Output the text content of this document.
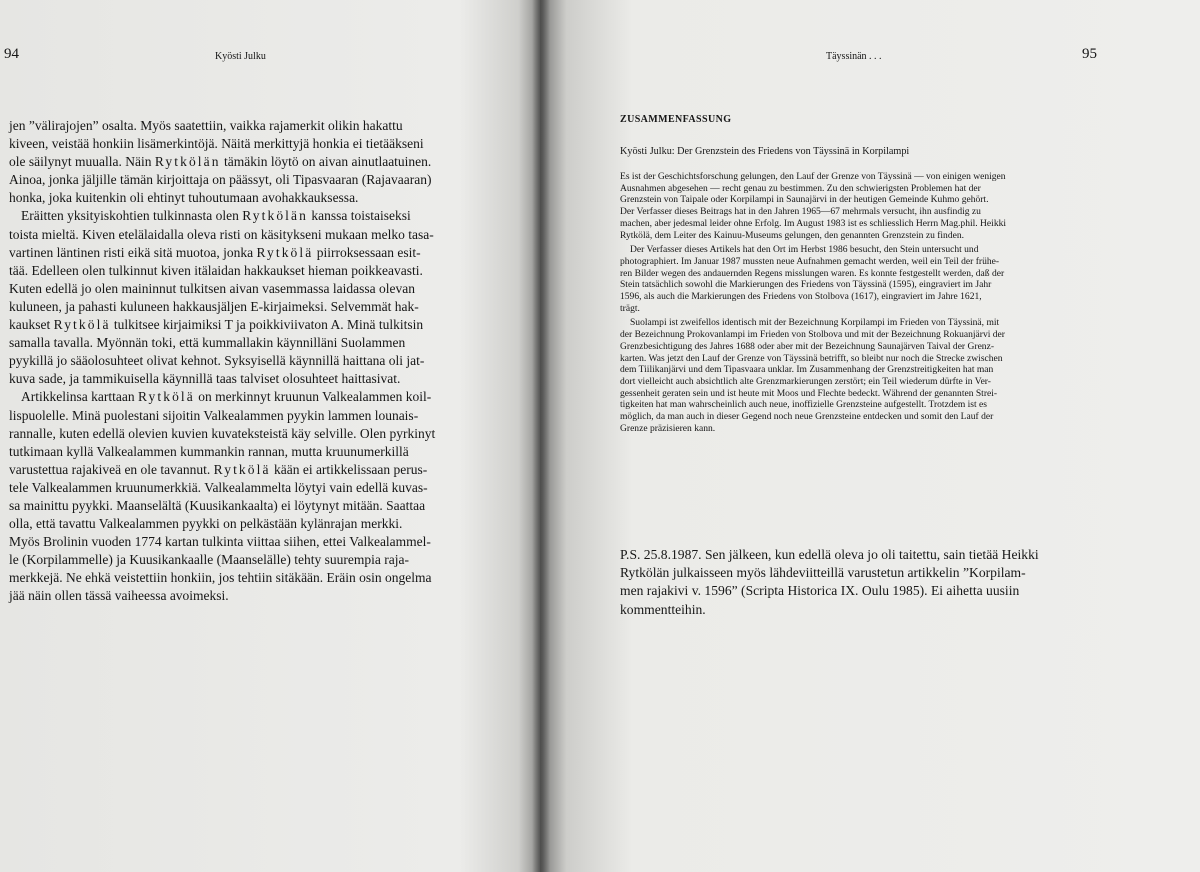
94	Kyösti Julku

jen ”välirajojen” osalta. Myös saatettiin, vaikka rajamerkit olikin hakattu
kiveen, veistää honkiin lisämerkintöjä. Näitä merkittyjä honkia ei tietääkseni
ole säilynyt muualla. Näin Rytkölän tämäkin löytö on aivan ainutlaatuinen.
Ainoa, jonka jäljille tämän kirjoittaja on päässyt, oli Tipasvaaran (Rajavaaran)
honka, joka kuitenkin oli ehtinyt tuhoutumaan avohakkauksessa.

Eräitten yksityiskohtien tulkinnasta olen Rytkölän kanssa toistaiseksi
toista mieltä. Kiven etelälaidalla oleva risti on käsitykseni mukaan melko tasa-
vartinen läntinen risti eikä sitä muotoa, jonka Rytkölä piirroksessaan esit-
tää. Edelleen olen tulkinnut kiven itälaidan hakkaukset hieman poikkeavasti.
Kuten edellä jo olen maininnut tulkitsen aivan vasemmassa laidassa olevan
kuluneen, ja pahasti kuluneen hakkausjäljen E-kirjaimeksi. Selvemmät hak-
kaukset Rytkölä tulkitsee kirjaimiksi T ja poikkiviivaton A. Minä tulkitsin
samalla tavalla. Myönnän toki, että kummallakin käynnilläni Suolammen
pyykillä jo sääolosuhteet olivat kehnot. Syksyisellä käynnillä haittana oli jat-
kuva sade, ja tammikuisella käynnillä taas talviset olosuhteet haittasivat.

Artikkelinsa karttaan Rytkölä on merkinnyt kruunun Valkealammen koil-
lispuolelle. Minä puolestani sijoitin Valkealammen pyykin lammen lounais-
rannalle, kuten edellä olevien kuvien kuvateksteistä käy selville. Olen pyrkinyt
tutkimaan kyllä Valkealammen kummankin rannan, mutta kruunumerkillä
varustettua rajakiveä en ole tavannut. Rytkölä kään ei artikkelissaan perus-
tele Valkealammen kruunumerkkiä. Valkealammelta löytyi vain edellä kuvas-
sa mainittu pyykki. Maanselältä (Kuusikankaalta) ei löytynyt mitään. Saattaa
olla, että tavattu Valkealammen pyykki on pelkästään kylänrajan merkki.
Myös Brolinin vuoden 1774 kartan tulkinta viittaa siihen, ettei Valkealammel-
le (Korpilammelle) ja Kuusikankaalle (Maanselälle) tehty suurempia raja-
merkkejä. Ne ehkä veistettiin honkiin, jos tehtiin sitäkään. Eräin osin ongelma
jää näin ollen tässä vaiheessa avoimeksi.

Täyssinän . . .	95
ZUSAMMENFASSUNG
Kyösti Julku: Der Grenzstein des Friedens von Täyssinä in Korpilampi

Es ist der Geschichtsforschung gelungen, den Lauf der Grenze von Täyssinä — von einigen wenigen
Ausnahmen abgesehen — recht genau zu bestimmen. Zu den schwierigsten Problemen hat der
Grenzstein von Taipale oder Korpilampi in Saunajärvi in der heutigen Gemeinde Kuhmo gehört.
Der Verfasser dieses Beitrags hat in den Jahren 1965—67 mehrmals versucht, ihn ausfindig zu
machen, aber jedesmal leider ohne Erfolg. Im August 1983 ist es schliesslich Herrn Mag.phil. Heikki
Rytkölä, dem Leiter des Kainuu-Museums gelungen, den genannten Grenzstein zu finden.

Der Verfasser dieses Artikels hat den Ort im Herbst 1986 besucht, den Stein untersucht und
photographiert. Im Januar 1987 mussten neue Aufnahmen gemacht werden, weil ein Teil der frühe-
ren Bilder wegen des andauernden Regens misslungen waren. Es konnte festgestellt werden, daß der
Stein tatsächlich sowohl die Markierungen des Friedens von Täyssinä (1595), eingraviert im Jahr
1596, als auch die Markierungen des Friedens von Stolbova (1617), eingraviert im Jahre 1621,
trägt.

Suolampi ist zweifellos identisch mit der Bezeichnung Korpilampi im Frieden von Täyssinä, mit
der Bezeichnung Prokovanlampi im Frieden von Stolbova und mit der Bezeichnung Rokuanjärvi der
Grenzbesichtigung des Jahres 1688 oder aber mit der Bezeichnung Saunajärven Taival der Grenz-
karten. Was jetzt den Lauf der Grenze von Täyssinä betrifft, so bleibt nur noch die Strecke zwischen
dem Tiilikanjärvi und dem Tipasvaara unklar. Im Zusammenhang der Grenzstreitigkeiten hat man
dort vielleicht auch absichtlich alte Grenzmarkierungen zerstört; ein Teil wiederum dürfte in Ver-
gessenheit geraten sein und ist heute mit Moos und Flechte bedeckt. Während der genannten Strei-
tigkeiten hat man wahrscheinlich auch neue, inoffizielle Grenzsteine aufgestellt. Trotzdem ist es
möglich, da man auch in dieser Gegend noch neue Grenzsteine entdecken und somit den Lauf der
Grenze präzisieren kann.

P.S. 25.8.1987. Sen jälkeen, kun edellä oleva jo oli taitettu, sain tietää Heikki
Rytkölän julkaisseen myös lähdeviitteillä varustetun artikkelin ”Korpilam-
men rajakivi v. 1596” (Scripta Historica IX. Oulu 1985). Ei aihetta uusiin
kommentteihin.
